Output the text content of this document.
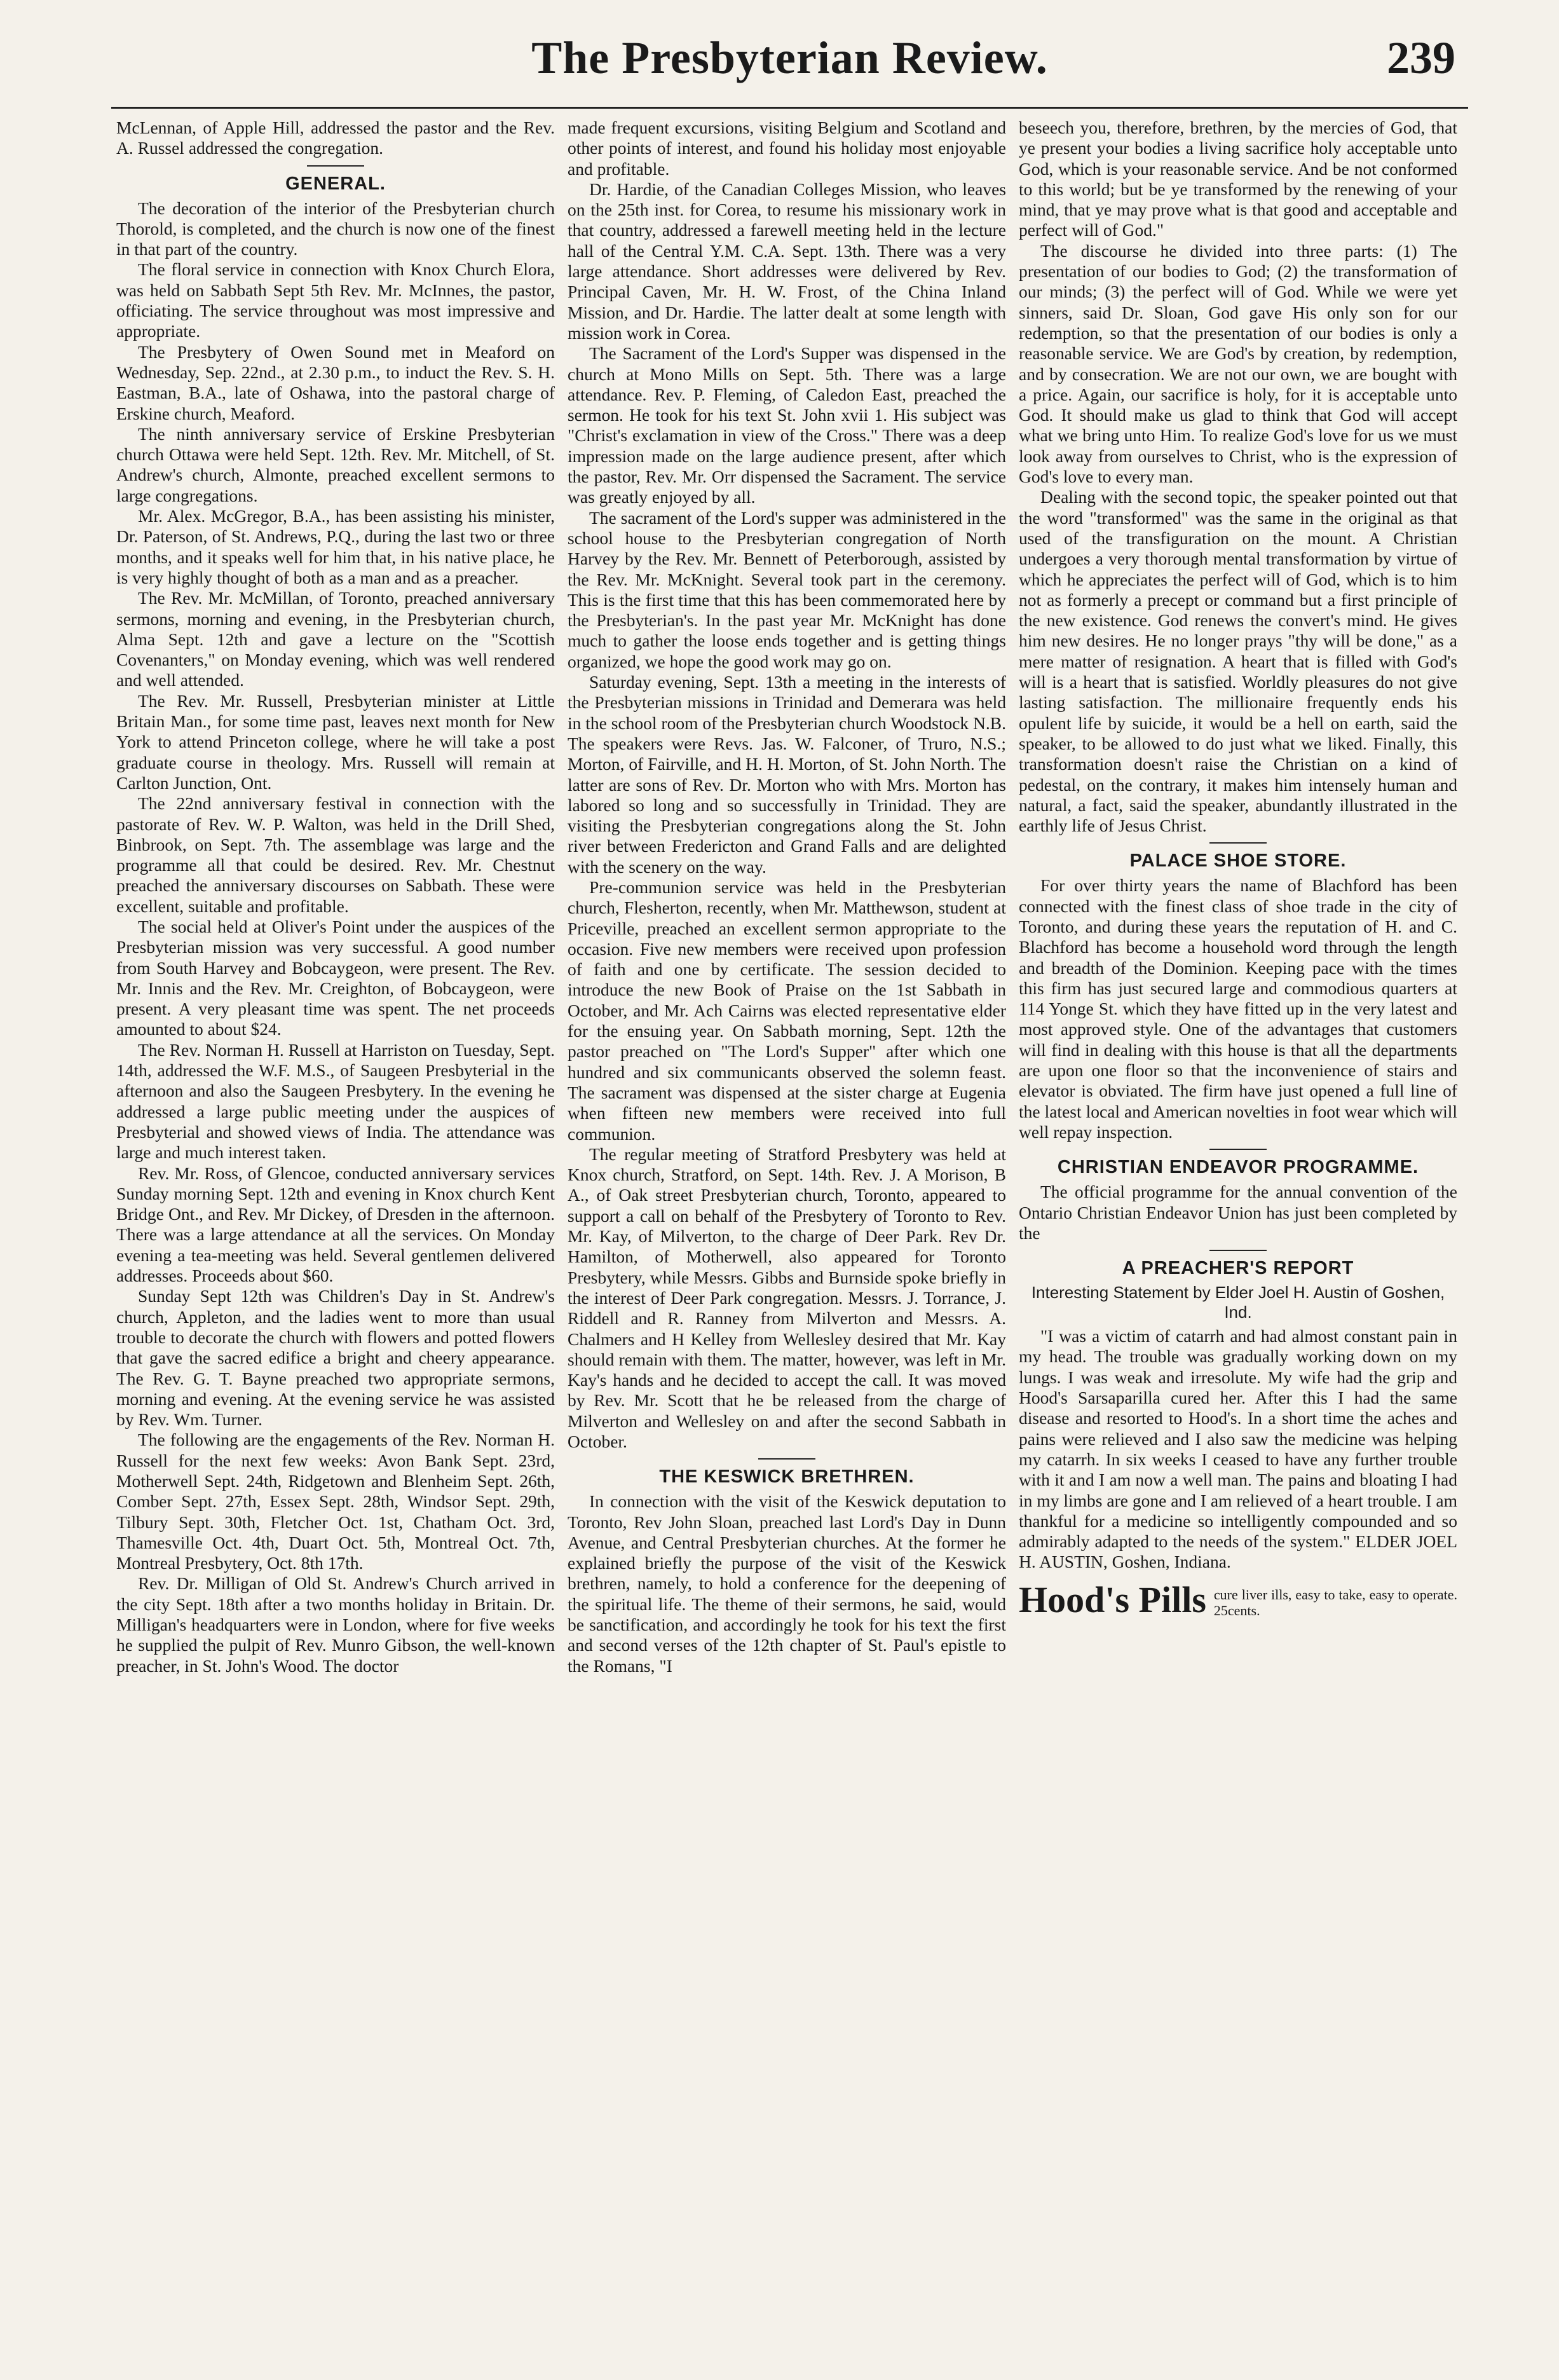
The Presbyterian Review.	239

McLennan, of Apple Hill, addressed the pastor and the Rev. A. Russel addressed the congregation.

GENERAL.

The decoration of the interior of the Presbyterian church Thorold, is completed, and the church is now one of the finest in that part of the country.

The floral service in connection with Knox Church Elora, was held on Sabbath Sept 5th Rev. Mr. McInnes, the pastor, officiating. The service throughout was most impressive and appropriate.

The Presbytery of Owen Sound met in Meaford on Wednesday, Sep. 22nd., at 2.30 p.m., to induct the Rev. S. H. Eastman, B.A., late of Oshawa, into the pastoral charge of Erskine church, Meaford.

The ninth anniversary service of Erskine Presbyterian church Ottawa were held Sept. 12th. Rev. Mr. Mitchell, of St. Andrew's church, Almonte, preached excellent sermons to large congregations.

Mr. Alex. McGregor, B.A., has been assisting his minister, Dr. Paterson, of St. Andrews, P.Q., during the last two or three months, and it speaks well for him that, in his native place, he is very highly thought of both as a man and as a preacher.

The Rev. Mr. McMillan, of Toronto, preached anniversary sermons, morning and evening, in the Presbyterian church, Alma Sept. 12th and gave a lecture on the "Scottish Covenanters," on Monday evening, which was well rendered and well attended.

The Rev. Mr. Russell, Presbyterian minister at Little Britain Man., for some time past, leaves next month for New York to attend Princeton college, where he will take a post graduate course in theology. Mrs. Russell will remain at Carlton Junction, Ont.

The 22nd anniversary festival in connection with the pastorate of Rev. W. P. Walton, was held in the Drill Shed, Binbrook, on Sept. 7th. The assemblage was large and the programme all that could be desired. Rev. Mr. Chestnut preached the anniversary discourses on Sabbath. These were excellent, suitable and profitable.

The social held at Oliver's Point under the auspices of the Presbyterian mission was very successful. A good number from South Harvey and Bobcaygeon, were present. The Rev. Mr. Innis and the Rev. Mr. Creighton, of Bobcaygeon, were present. A very pleasant time was spent. The net proceeds amounted to about $24.

The Rev. Norman H. Russell at Harriston on Tuesday, Sept. 14th, addressed the W.F. M.S., of Saugeen Presbyterial in the afternoon and also the Saugeen Presbytery. In the evening he addressed a large public meeting under the auspices of Presbyterial and showed views of India. The attendance was large and much interest taken.

Rev. Mr. Ross, of Glencoe, conducted anniversary services Sunday morning Sept. 12th and evening in Knox church Kent Bridge Ont., and Rev. Mr Dickey, of Dresden in the afternoon. There was a large attendance at all the services. On Monday evening a tea-meeting was held. Several gentlemen delivered addresses. Proceeds about $60.

Sunday Sept 12th was Children's Day in St. Andrew's church, Appleton, and the ladies went to more than usual trouble to decorate the church with flowers and potted flowers that gave the sacred edifice a bright and cheery appearance. The Rev. G. T. Bayne preached two appropriate sermons, morning and evening. At the evening service he was assisted by Rev. Wm. Turner.

The following are the engagements of the Rev. Norman H. Russell for the next few weeks: Avon Bank Sept. 23rd, Motherwell Sept. 24th, Ridgetown and Blenheim Sept. 26th, Comber Sept. 27th, Essex Sept. 28th, Windsor Sept. 29th, Tilbury Sept. 30th, Fletcher Oct. 1st, Chatham Oct. 3rd, Thamesville Oct. 4th, Duart Oct. 5th, Montreal Oct. 7th, Montreal Presbytery, Oct. 8th 17th.

Rev. Dr. Milligan of Old St. Andrew's Church arrived in the city Sept. 18th after a two months holiday in Britain. Dr. Milligan's headquarters were in London, where for five weeks he supplied the pulpit of Rev. Munro Gibson, the well-known preacher, in St. John's Wood. The doctor

made frequent excursions, visiting Belgium and Scotland and other points of interest, and found his holiday most enjoyable and profitable.

Dr. Hardie, of the Canadian Colleges Mission, who leaves on the 25th inst. for Corea, to resume his missionary work in that country, addressed a farewell meeting held in the lecture hall of the Central Y.M. C.A. Sept. 13th. There was a very large attendance. Short addresses were delivered by Rev. Principal Caven, Mr. H. W. Frost, of the China Inland Mission, and Dr. Hardie. The latter dealt at some length with mission work in Corea.

The Sacrament of the Lord's Supper was dispensed in the church at Mono Mills on Sept. 5th. There was a large attendance. Rev. P. Fleming, of Caledon East, preached the sermon. He took for his text St. John xvii 1. His subject was "Christ's exclamation in view of the Cross." There was a deep impression made on the large audience present, after which the pastor, Rev. Mr. Orr dispensed the Sacrament. The service was greatly enjoyed by all.

The sacrament of the Lord's supper was administered in the school house to the Presbyterian congregation of North Harvey by the Rev. Mr. Bennett of Peterborough, assisted by the Rev. Mr. McKnight. Several took part in the ceremony. This is the first time that this has been commemorated here by the Presbyterian's. In the past year Mr. McKnight has done much to gather the loose ends together and is getting things organized, we hope the good work may go on.

Saturday evening, Sept. 13th a meeting in the interests of the Presbyterian missions in Trinidad and Demerara was held in the school room of the Presbyterian church Woodstock N.B. The speakers were Revs. Jas. W. Falconer, of Truro, N.S.; Morton, of Fairville, and H. H. Morton, of St. John North. The latter are sons of Rev. Dr. Morton who with Mrs. Morton has labored so long and so successfully in Trinidad. They are visiting the Presbyterian congregations along the St. John river between Fredericton and Grand Falls and are delighted with the scenery on the way.

Pre-communion service was held in the Presbyterian church, Flesherton, recently, when Mr. Matthewson, student at Priceville, preached an excellent sermon appropriate to the occasion. Five new members were received upon profession of faith and one by certificate. The session decided to introduce the new Book of Praise on the 1st Sabbath in October, and Mr. Ach Cairns was elected representative elder for the ensuing year. On Sabbath morning, Sept. 12th the pastor preached on "The Lord's Supper" after which one hundred and six communicants observed the solemn feast. The sacrament was dispensed at the sister charge at Eugenia when fifteen new members were received into full communion.

The regular meeting of Stratford Presbytery was held at Knox church, Stratford, on Sept. 14th. Rev. J. A Morison, B A., of Oak street Presbyterian church, Toronto, appeared to support a call on behalf of the Presbytery of Toronto to Rev. Mr. Kay, of Milverton, to the charge of Deer Park. Rev Dr. Hamilton, of Motherwell, also appeared for Toronto Presbytery, while Messrs. Gibbs and Burnside spoke briefly in the interest of Deer Park congregation. Messrs. J. Torrance, J. Riddell and R. Ranney from Milverton and Messrs. A. Chalmers and H Kelley from Wellesley desired that Mr. Kay should remain with them. The matter, however, was left in Mr. Kay's hands and he decided to accept the call. It was moved by Rev. Mr. Scott that he be released from the charge of Milverton and Wellesley on and after the second Sabbath in October.

THE KESWICK BRETHREN.

In connection with the visit of the Keswick deputation to Toronto, Rev John Sloan, preached last Lord's Day in Dunn Avenue, and Central Presbyterian churches. At the former he explained briefly the purpose of the visit of the Keswick brethren, namely, to hold a conference for the deepening of the spiritual life. The theme of their sermons, he said, would be sanctification, and accordingly he took for his text the first and second verses of the 12th chapter of St. Paul's epistle to the Romans, "I

beseech you, therefore, brethren, by the mercies of God, that ye present your bodies a living sacrifice holy acceptable unto God, which is your reasonable service. And be not conformed to this world; but be ye transformed by the renewing of your mind, that ye may prove what is that good and acceptable and perfect will of God."

The discourse he divided into three parts: (1) The presentation of our bodies to God; (2) the transformation of our minds; (3) the perfect will of God. While we were yet sinners, said Dr. Sloan, God gave His only son for our redemption, so that the presentation of our bodies is only a reasonable service. We are God's by creation, by redemption, and by consecration. We are not our own, we are bought with a price. Again, our sacrifice is holy, for it is acceptable unto God. It should make us glad to think that God will accept what we bring unto Him. To realize God's love for us we must look away from ourselves to Christ, who is the expression of God's love to every man.

Dealing with the second topic, the speaker pointed out that the word "transformed" was the same in the original as that used of the transfiguration on the mount. A Christian undergoes a very thorough mental transformation by virtue of which he appreciates the perfect will of God, which is to him not as formerly a precept or command but a first principle of the new existence. God renews the convert's mind. He gives him new desires. He no longer prays "thy will be done," as a mere matter of resignation. A heart that is filled with God's will is a heart that is satisfied. Worldly pleasures do not give lasting satisfaction. The millionaire frequently ends his opulent life by suicide, it would be a hell on earth, said the speaker, to be allowed to do just what we liked. Finally, this transformation doesn't raise the Christian on a kind of pedestal, on the contrary, it makes him intensely human and natural, a fact, said the speaker, abundantly illustrated in the earthly life of Jesus Christ.

PALACE SHOE STORE.

For over thirty years the name of Blachford has been connected with the finest class of shoe trade in the city of Toronto, and during these years the reputation of H. and C. Blachford has become a household word through the length and breadth of the Dominion. Keeping pace with the times this firm has just secured large and commodious quarters at 114 Yonge St. which they have fitted up in the very latest and most approved style. One of the advantages that customers will find in dealing with this house is that all the departments are upon one floor so that the inconvenience of stairs and elevator is obviated. The firm have just opened a full line of the latest local and American novelties in foot wear which will well repay inspection.

CHRISTIAN ENDEAVOR PROGRAMME.

The official programme for the annual convention of the Ontario Christian Endeavor Union has just been completed by the

A PREACHER'S REPORT
Interesting Statement by Elder Joel H. Austin of Goshen, Ind.

"I was a victim of catarrh and had almost constant pain in my head. The trouble was gradually working down on my lungs. I was weak and irresolute. My wife had the grip and Hood's Sarsaparilla cured her. After this I had the same disease and resorted to Hood's. In a short time the aches and pains were relieved and I also saw the medicine was helping my catarrh. In six weeks I ceased to have any further trouble with it and I am now a well man. The pains and bloating I had in my limbs are gone and I am relieved of a heart trouble. I am thankful for a medicine so intelligently compounded and so admirably adapted to the needs of the system." ELDER JOEL H. AUSTIN, Goshen, Indiana.

Hood's Pills cure liver ills, easy to take, easy to operate. 25cents.
